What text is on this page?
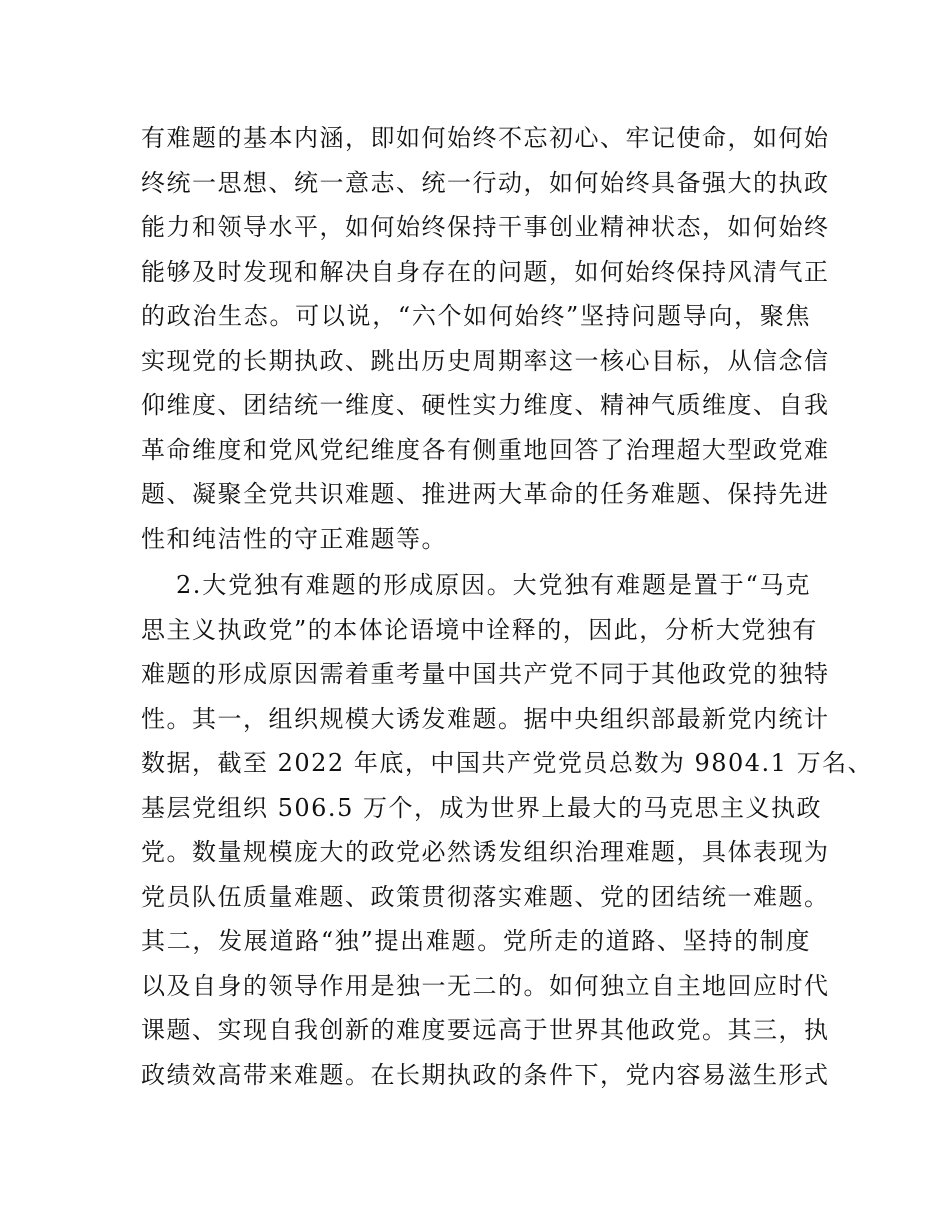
有难题的基本内涵，即如何始终不忘初心、牢记使命，如何始
终统一思想、统一意志、统一行动，如何始终具备强大的执政
能力和领导水平，如何始终保持干事创业精神状态，如何始终
能够及时发现和解决自身存在的问题，如何始终保持风清气正
的政治生态。可以说，“六个如何始终”坚持问题导向，聚焦
实现党的长期执政、跳出历史周期率这一核心目标，从信念信
仰维度、团结统一维度、硬性实力维度、精神气质维度、自我
革命维度和党风党纪维度各有侧重地回答了治理超大型政党难
题、凝聚全党共识难题、推进两大革命的任务难题、保持先进
性和纯洁性的守正难题等。
2.大党独有难题的形成原因。大党独有难题是置于“马克
思主义执政党”的本体论语境中诠释的，因此，分析大党独有
难题的形成原因需着重考量中国共产党不同于其他政党的独特
性。其一，组织规模大诱发难题。据中央组织部最新党内统计
数据，截至 2022 年底，中国共产党党员总数为 9804.1 万名、
基层党组织 506.5 万个，成为世界上最大的马克思主义执政
党。数量规模庞大的政党必然诱发组织治理难题，具体表现为
党员队伍质量难题、政策贯彻落实难题、党的团结统一难题。
其二，发展道路“独”提出难题。党所走的道路、坚持的制度
以及自身的领导作用是独一无二的。如何独立自主地回应时代
课题、实现自我创新的难度要远高于世界其他政党。其三，执
政绩效高带来难题。在长期执政的条件下，党内容易滋生形式
